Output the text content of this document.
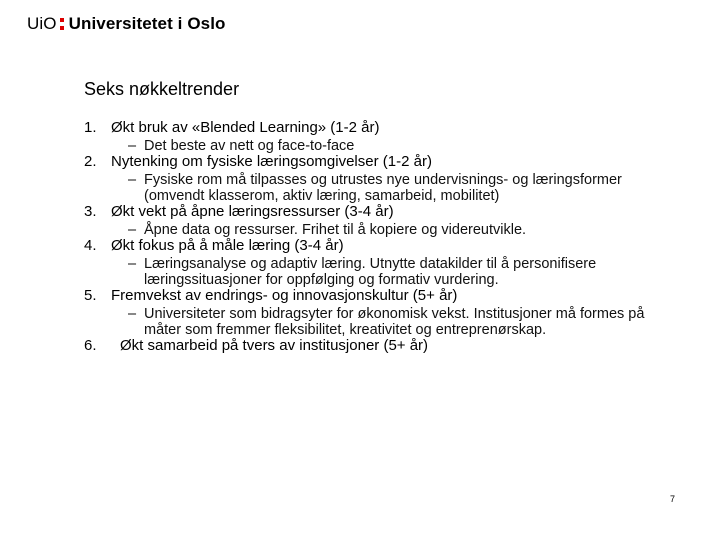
UiO Universitetet i Oslo
Seks nøkkeltrender
1. Økt bruk av «Blended Learning» (1-2 år)
– Det beste av nett og face-to-face
2. Nytenking om fysiske læringsomgivelser (1-2 år)
– Fysiske rom må tilpasses og utrustes nye undervisnings- og læringsformer (omvendt klasserom, aktiv læring, samarbeid, mobilitet)
3. Økt vekt på åpne læringsressurser (3-4 år)
– Åpne data og ressurser. Frihet til å kopiere og videreutvikle.
4. Økt fokus på å måle læring (3-4 år)
– Læringsanalyse og adaptiv læring. Utnytte datakilder til å personifisere læringssituasjoner for oppfølging og formativ vurdering.
5. Fremvekst av endrings- og innovasjonskultur (5+ år)
– Universiteter som bidragsyter for økonomisk vekst. Institusjoner må formes på måter som fremmer fleksibilitet, kreativitet og entreprenørskap.
6.	Økt samarbeid på tvers av institusjoner (5+ år)
7
